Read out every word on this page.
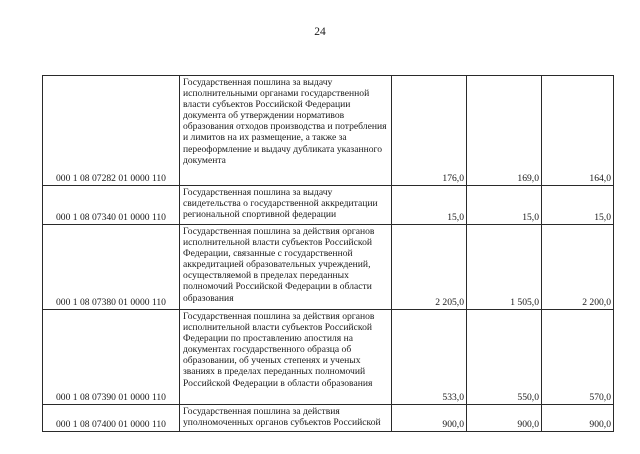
24
000 1 08 07282 01 0000 110	Государственная пошлина за выдачу исполнительными органами государственной власти субъектов Российской Федерации документа об утверждении нормативов образования отходов производства и потребления и лимитов на их размещение, а также за переоформление и выдачу дубликата указанного документа	176,0	169,0	164,0
000 1 08 07340 01 0000 110	Государственная пошлина за выдачу свидетельства о государственной аккредитации региональной спортивной федерации	15,0	15,0	15,0
000 1 08 07380 01 0000 110	Государственная пошлина за действия органов исполнительной власти субъектов Российской Федерации, связанные с государственной аккредитацией образовательных учреждений, осуществляемой в пределах переданных полномочий Российской Федерации в области образования	2 205,0	1 505,0	2 200,0
000 1 08 07390 01 0000 110	Государственная пошлина за действия органов исполнительной власти субъектов Российской Федерации по проставлению апостиля на документах государственного образца об образовании, об ученых степенях и ученых званиях в пределах переданных полномочий Российской Федерации в области образования	533,0	550,0	570,0
000 1 08 07400 01 0000 110	Государственная пошлина за действия уполномоченных органов субъектов Российской	900,0	900,0	900,0
